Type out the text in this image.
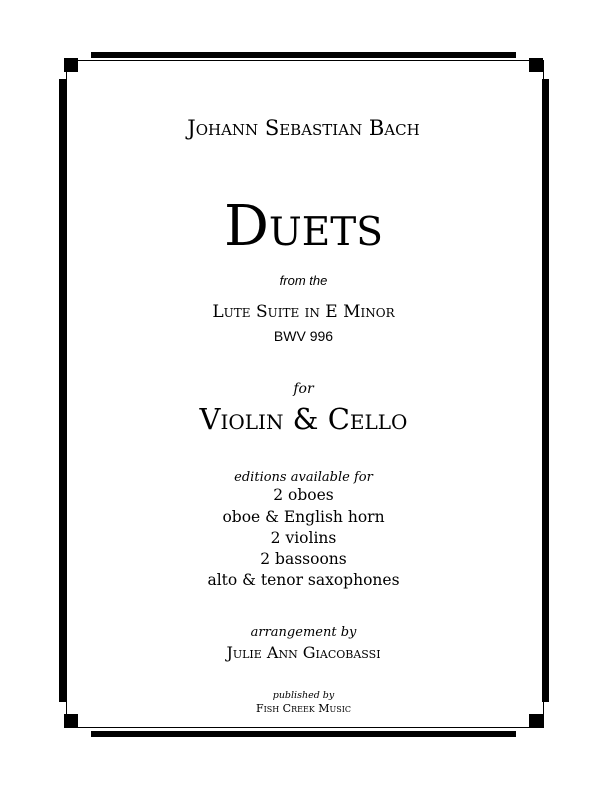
Johann Sebastian Bach
Duets
from the
Lute Suite in E Minor
BWV 996
for
Violin & Cello
editions available for
2 oboes
oboe & English horn
2 violins
2 bassoons
alto & tenor saxophones
arrangement by
Julie Ann Giacobassi
published by
Fish Creek Music
